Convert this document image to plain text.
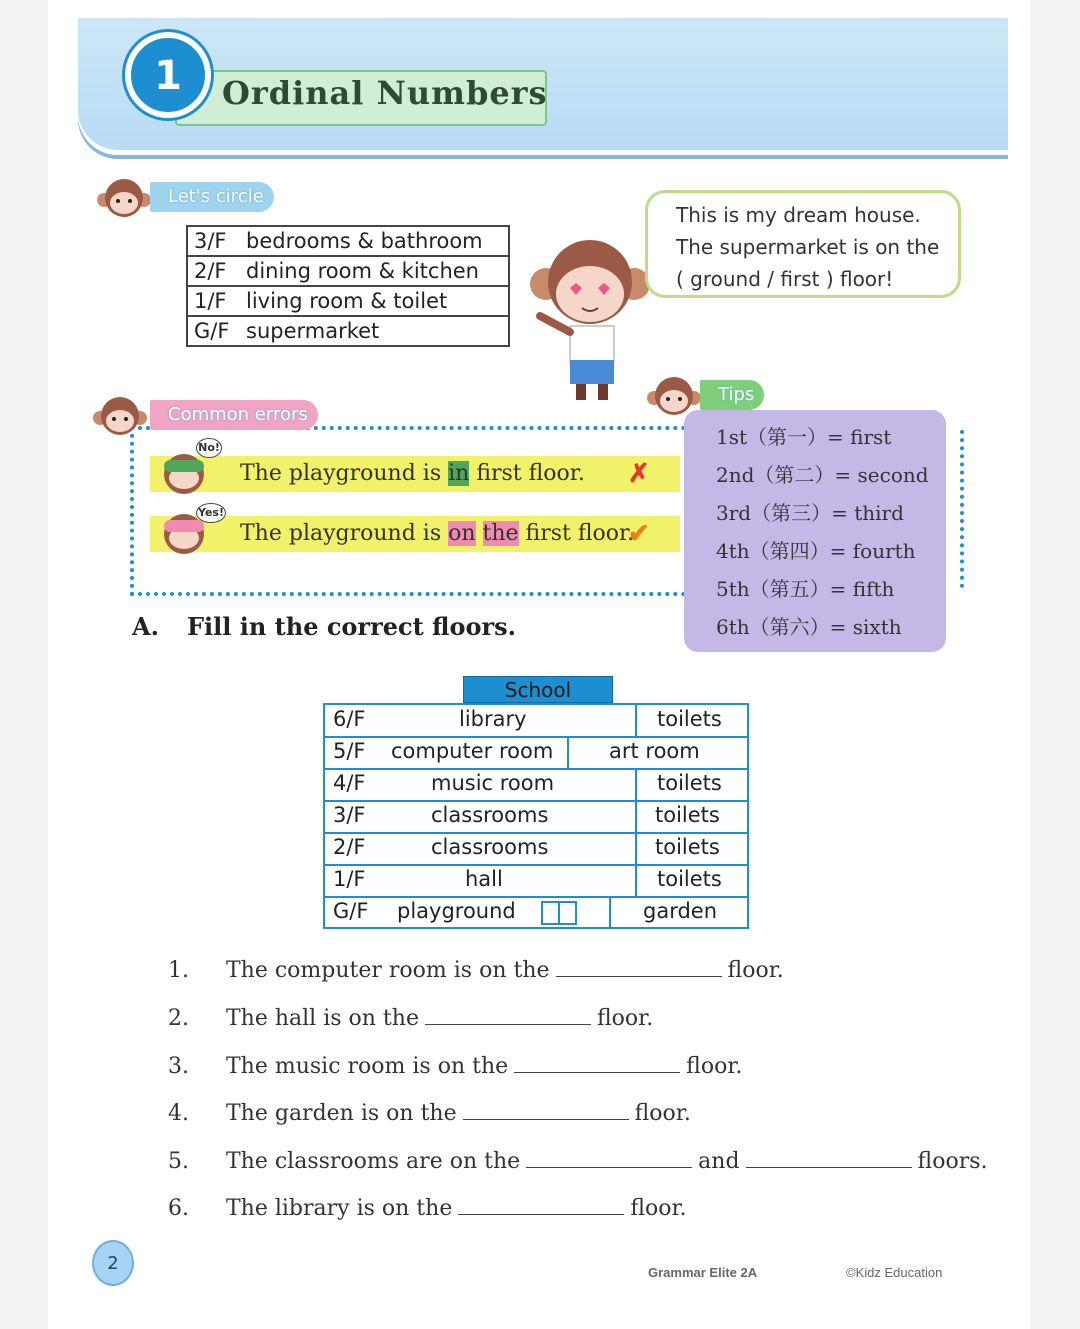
Ordinal Numbers
1
Let's circle
3/F bedrooms & bathroom
2/F dining room & kitchen
1/F living room & toilet
G/F supermarket
This is my dream house.
The supermarket is on the
( ground / first ) floor!
Common errors
The playground is in first floor. ✗
No!
The playground is on the first floor.
✔
Yes!
1st（第一）= first
2nd（第二）= second
3rd（第三）= third
4th（第四）= fourth
5th（第五）= fifth
6th（第六）= sixth
Tips
A. Fill in the correct floors.
School
6/F	library	toilets
5/F computer room	art room
4/F	music room	toilets
3/F	classrooms	toilets
2/F	classrooms	toilets
1/F	hall	toilets
G/F playground	garden
1. The computer room is on the	floor.
2. The hall is on the	floor.
3. The music room is on the	floor.
4. The garden is on the	floor.
5. The classrooms are on the	and	floors.
6. The library is on the	floor.
2	Grammar Elite 2A	©Kidz Education
